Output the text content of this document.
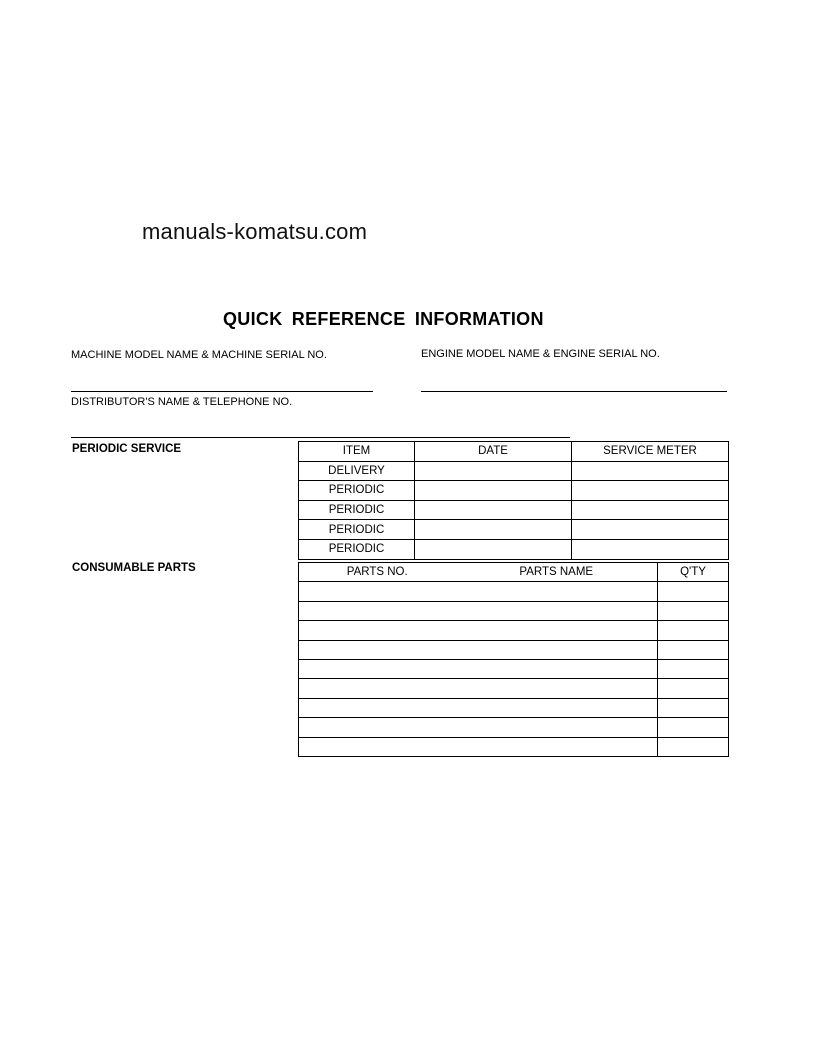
manuals-komatsu.com
QUICK REFERENCE INFORMATION
MACHINE MODEL NAME & MACHINE SERIAL NO.	ENGINE MODEL NAME & ENGINE SERIAL NO.
DISTRIBUTOR'S NAME & TELEPHONE NO.
PERIODIC SERVICE	ITEM	DATE	SERVICE METER
DELIVERY		
PERIODIC		
PERIODIC		
PERIODIC		
PERIODIC		
CONSUMABLE PARTS	PARTS NO.	PARTS NAME	Q'TY
